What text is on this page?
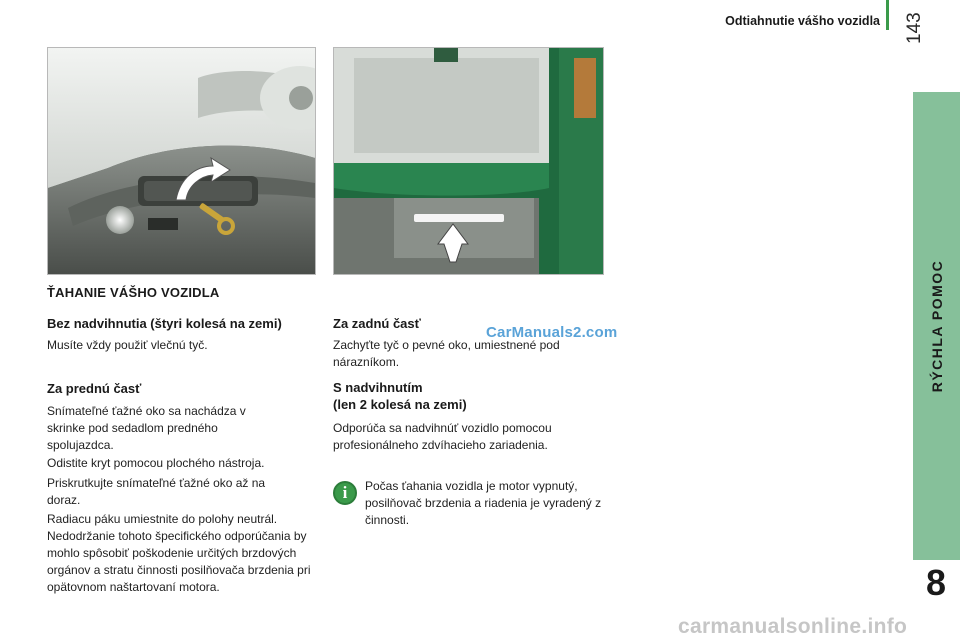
Odtiahnutie vášho vozidla 143
RÝCHLA POMOC
8
ŤAHANIE VÁŠHO VOZIDLA
Bez nadvihnutia (štyri kolesá na zemi)

Musíte vždy použiť vlečnú tyč.

Za prednú časť

Snímateľné ťažné oko sa nachádza v skrinke pod sedadlom predného spolujazdca.

Odistite kryt pomocou plochého nástroja.

Priskrutkujte snímateľné ťažné oko až na doraz.

Radiacu páku umiestnite do polohy neutrál. Nedodržanie tohoto špecifického odporúčania by mohlo spôsobiť poškodenie určitých brzdových orgánov a stratu činnosti posilňovača brzdenia pri opätovnom naštartovaní motora.

Za zadnú časť

Zachyťte tyč o pevné oko, umiestnené pod nárazníkom.

S nadvihnutím
(len 2 kolesá na zemi)

Odporúča sa nadvihnúť vozidlo pomocou profesionálneho zdvíhacieho zariadenia.

i	Počas ťahania vozidla je motor vypnutý, posilňovač brzdenia a riadenia je vyradený z činnosti.

CarManuals2.com
carmanualsonline.info
